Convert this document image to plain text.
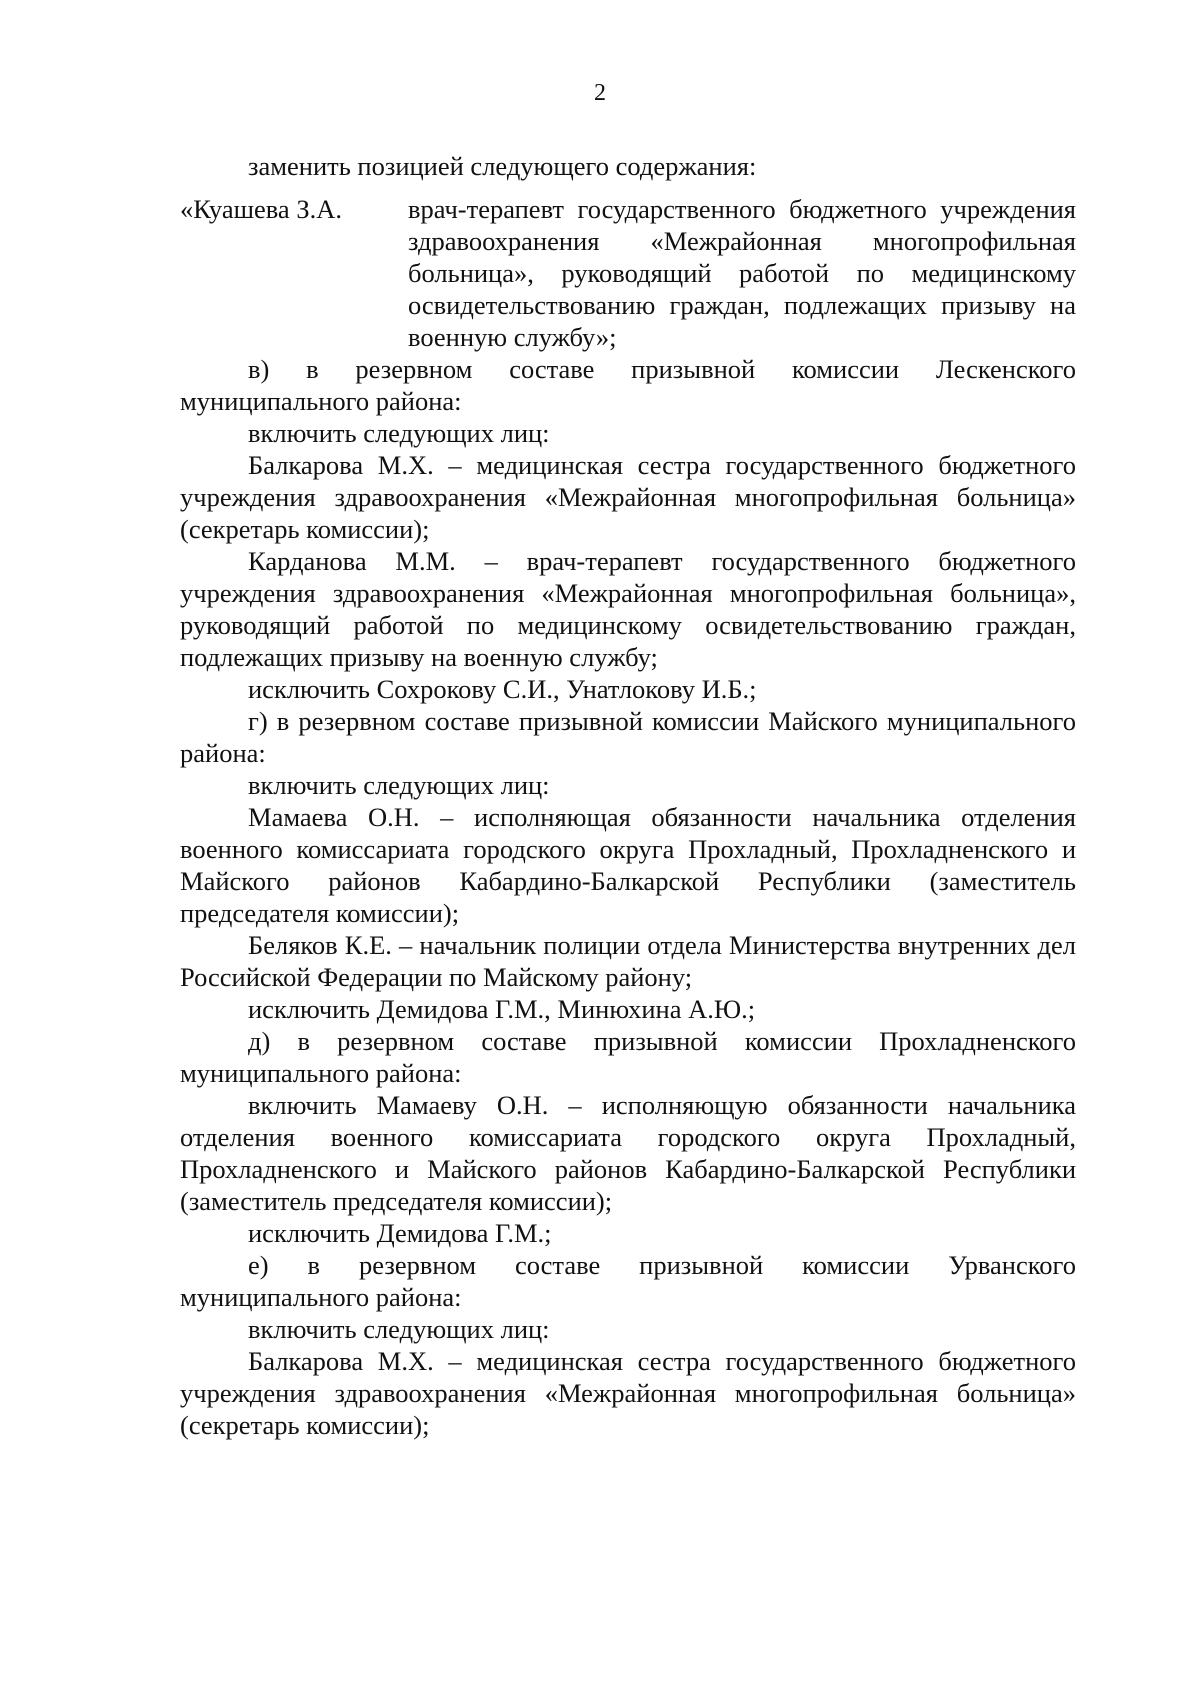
2

заменить позицией следующего содержания:

«Куашева З.А.	врач-терапевт государственного бюджетного учреждения здравоохранения «Межрайонная многопрофильная больница», руководящий работой по медицинскому освидетельствованию граждан, подлежащих призыву на военную службу»;

в) в резервном составе призывной комиссии Лескенского муниципального района:

включить следующих лиц:

Балкарова М.Х. – медицинская сестра государственного бюджетного учреждения здравоохранения «Межрайонная многопрофильная больница» (секретарь комиссии);

Карданова М.М. – врач-терапевт государственного бюджетного учреждения здравоохранения «Межрайонная многопрофильная больница», руководящий работой по медицинскому освидетельствованию граждан, подлежащих призыву на военную службу;

исключить Сохрокову С.И., Унатлокову И.Б.;

г) в резервном составе призывной комиссии Майского муниципального района:

включить следующих лиц:

Мамаева О.Н. – исполняющая обязанности начальника отделения военного комиссариата городского округа Прохладный, Прохладненского и Майского районов Кабардино-Балкарской Республики (заместитель председателя комиссии);

Беляков К.Е. – начальник полиции отдела Министерства внутренних дел Российской Федерации по Майскому району;

исключить Демидова Г.М., Минюхина А.Ю.;

д) в резервном составе призывной комиссии Прохладненского муниципального района:

включить Мамаеву О.Н. – исполняющую обязанности начальника отделения военного комиссариата городского округа Прохладный, Прохладненского и Майского районов Кабардино-Балкарской Республики (заместитель председателя комиссии);

исключить Демидова Г.М.;

е) в резервном составе призывной комиссии Урванского муниципального района:

включить следующих лиц:

Балкарова М.Х. – медицинская сестра государственного бюджетного учреждения здравоохранения «Межрайонная многопрофильная больница» (секретарь комиссии);
